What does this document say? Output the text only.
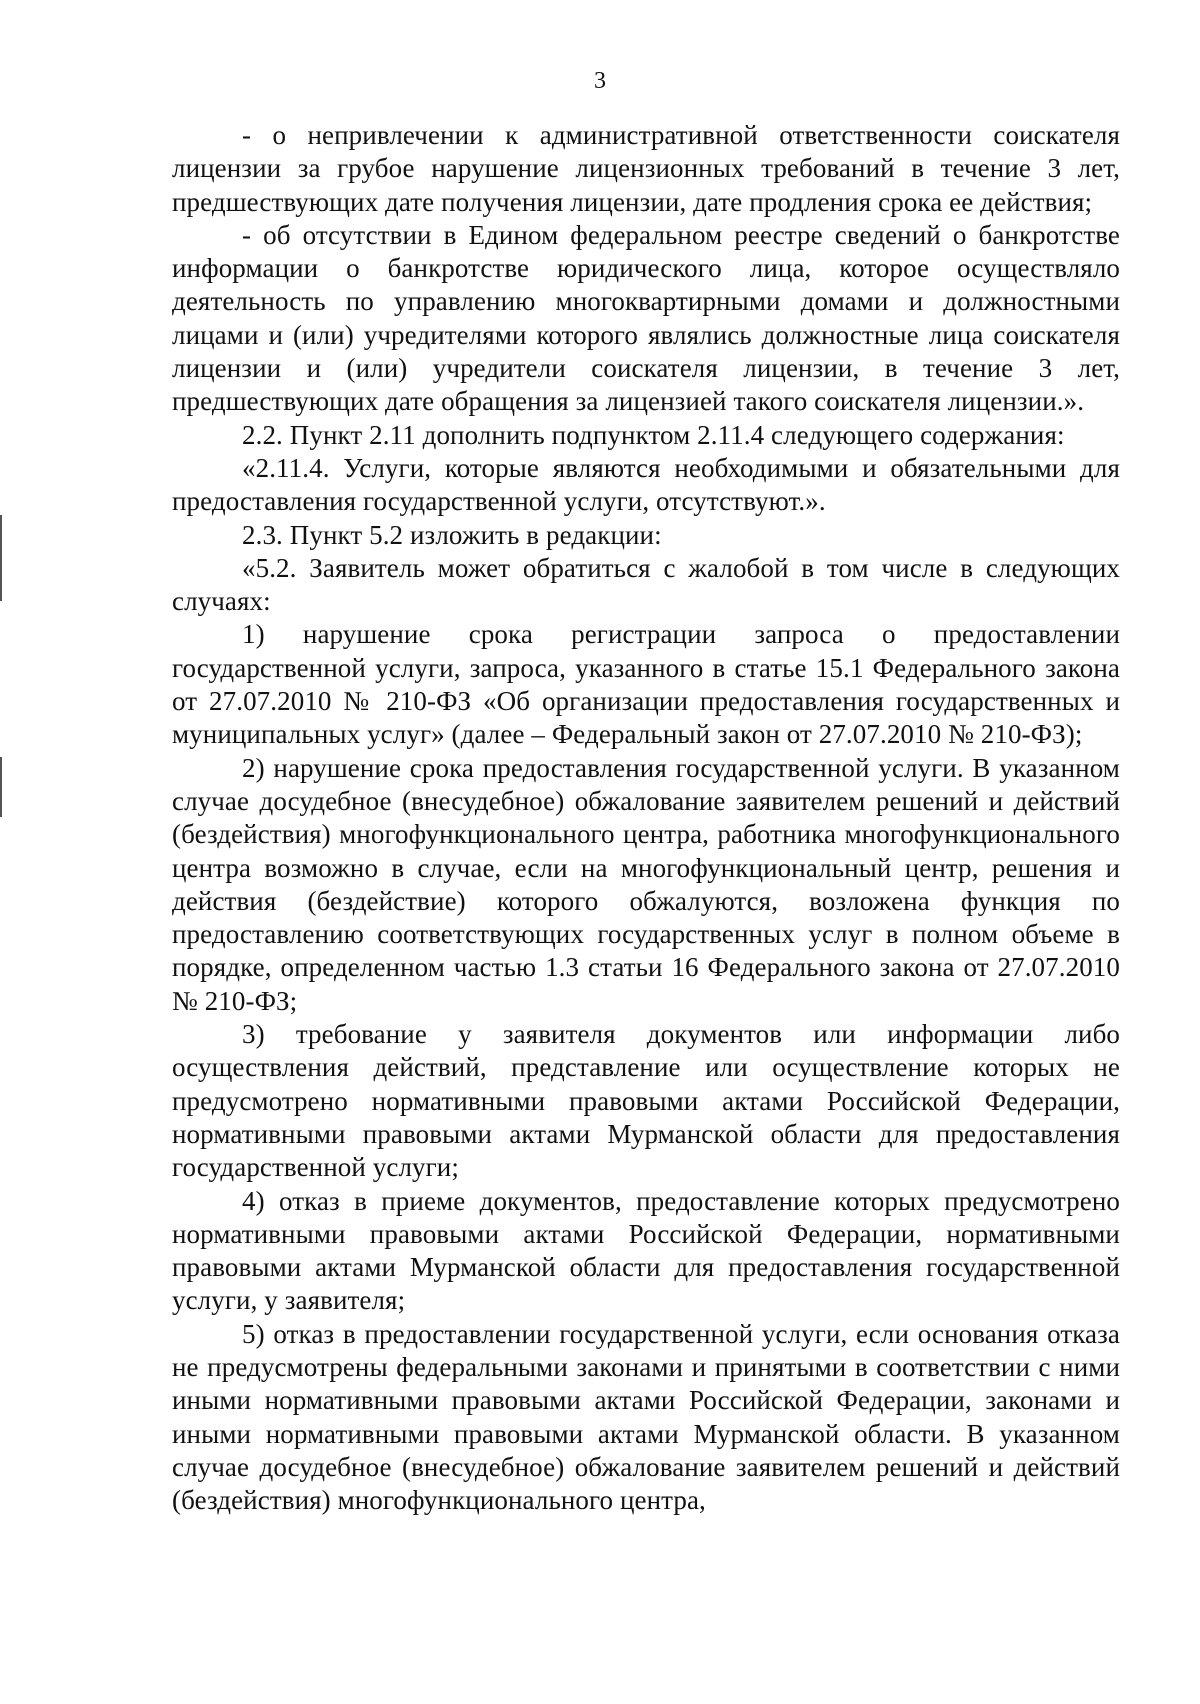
3

- о непривлечении к административной ответственности соискателя лицензии за грубое нарушение лицензионных требований в течение 3 лет, предшествующих дате получения лицензии, дате продления срока ее действия;

- об отсутствии в Едином федеральном реестре сведений о банкротстве информации о банкротстве юридического лица, которое осуществляло деятельность по управлению многоквартирными домами и должностными лицами и (или) учредителями которого являлись должностные лица соискателя лицензии и (или) учредители соискателя лицензии, в течение 3 лет, предшествующих дате обращения за лицензией такого соискателя лицензии.».

2.2. Пункт 2.11 дополнить подпунктом 2.11.4 следующего содержания:

«2.11.4. Услуги, которые являются необходимыми и обязательными для предоставления государственной услуги, отсутствуют.».

2.3. Пункт 5.2 изложить в редакции:

«5.2. Заявитель может обратиться с жалобой в том числе в следующих случаях:

1) нарушение срока регистрации запроса о предоставлении государственной услуги, запроса, указанного в статье 15.1 Федерального закона от 27.07.2010 № 210-ФЗ «Об организации предоставления государственных и муниципальных услуг» (далее – Федеральный закон от 27.07.2010 № 210-ФЗ);

2) нарушение срока предоставления государственной услуги. В указанном случае досудебное (внесудебное) обжалование заявителем решений и действий (бездействия) многофункционального центра, работника многофункционального центра возможно в случае, если на многофункциональный центр, решения и действия (бездействие) которого обжалуются, возложена функция по предоставлению соответствующих государственных услуг в полном объеме в порядке, определенном частью 1.3 статьи 16 Федерального закона от 27.07.2010 № 210-ФЗ;

3) требование у заявителя документов или информации либо осуществления действий, представление или осуществление которых не предусмотрено нормативными правовыми актами Российской Федерации, нормативными правовыми актами Мурманской области для предоставления государственной услуги;

4) отказ в приеме документов, предоставление которых предусмотрено нормативными правовыми актами Российской Федерации, нормативными правовыми актами Мурманской области для предоставления государственной услуги, у заявителя;

5) отказ в предоставлении государственной услуги, если основания отказа не предусмотрены федеральными законами и принятыми в соответствии с ними иными нормативными правовыми актами Российской Федерации, законами и иными нормативными правовыми актами Мурманской области. В указанном случае досудебное (внесудебное) обжалование заявителем решений и действий (бездействия) многофункционального центра,
